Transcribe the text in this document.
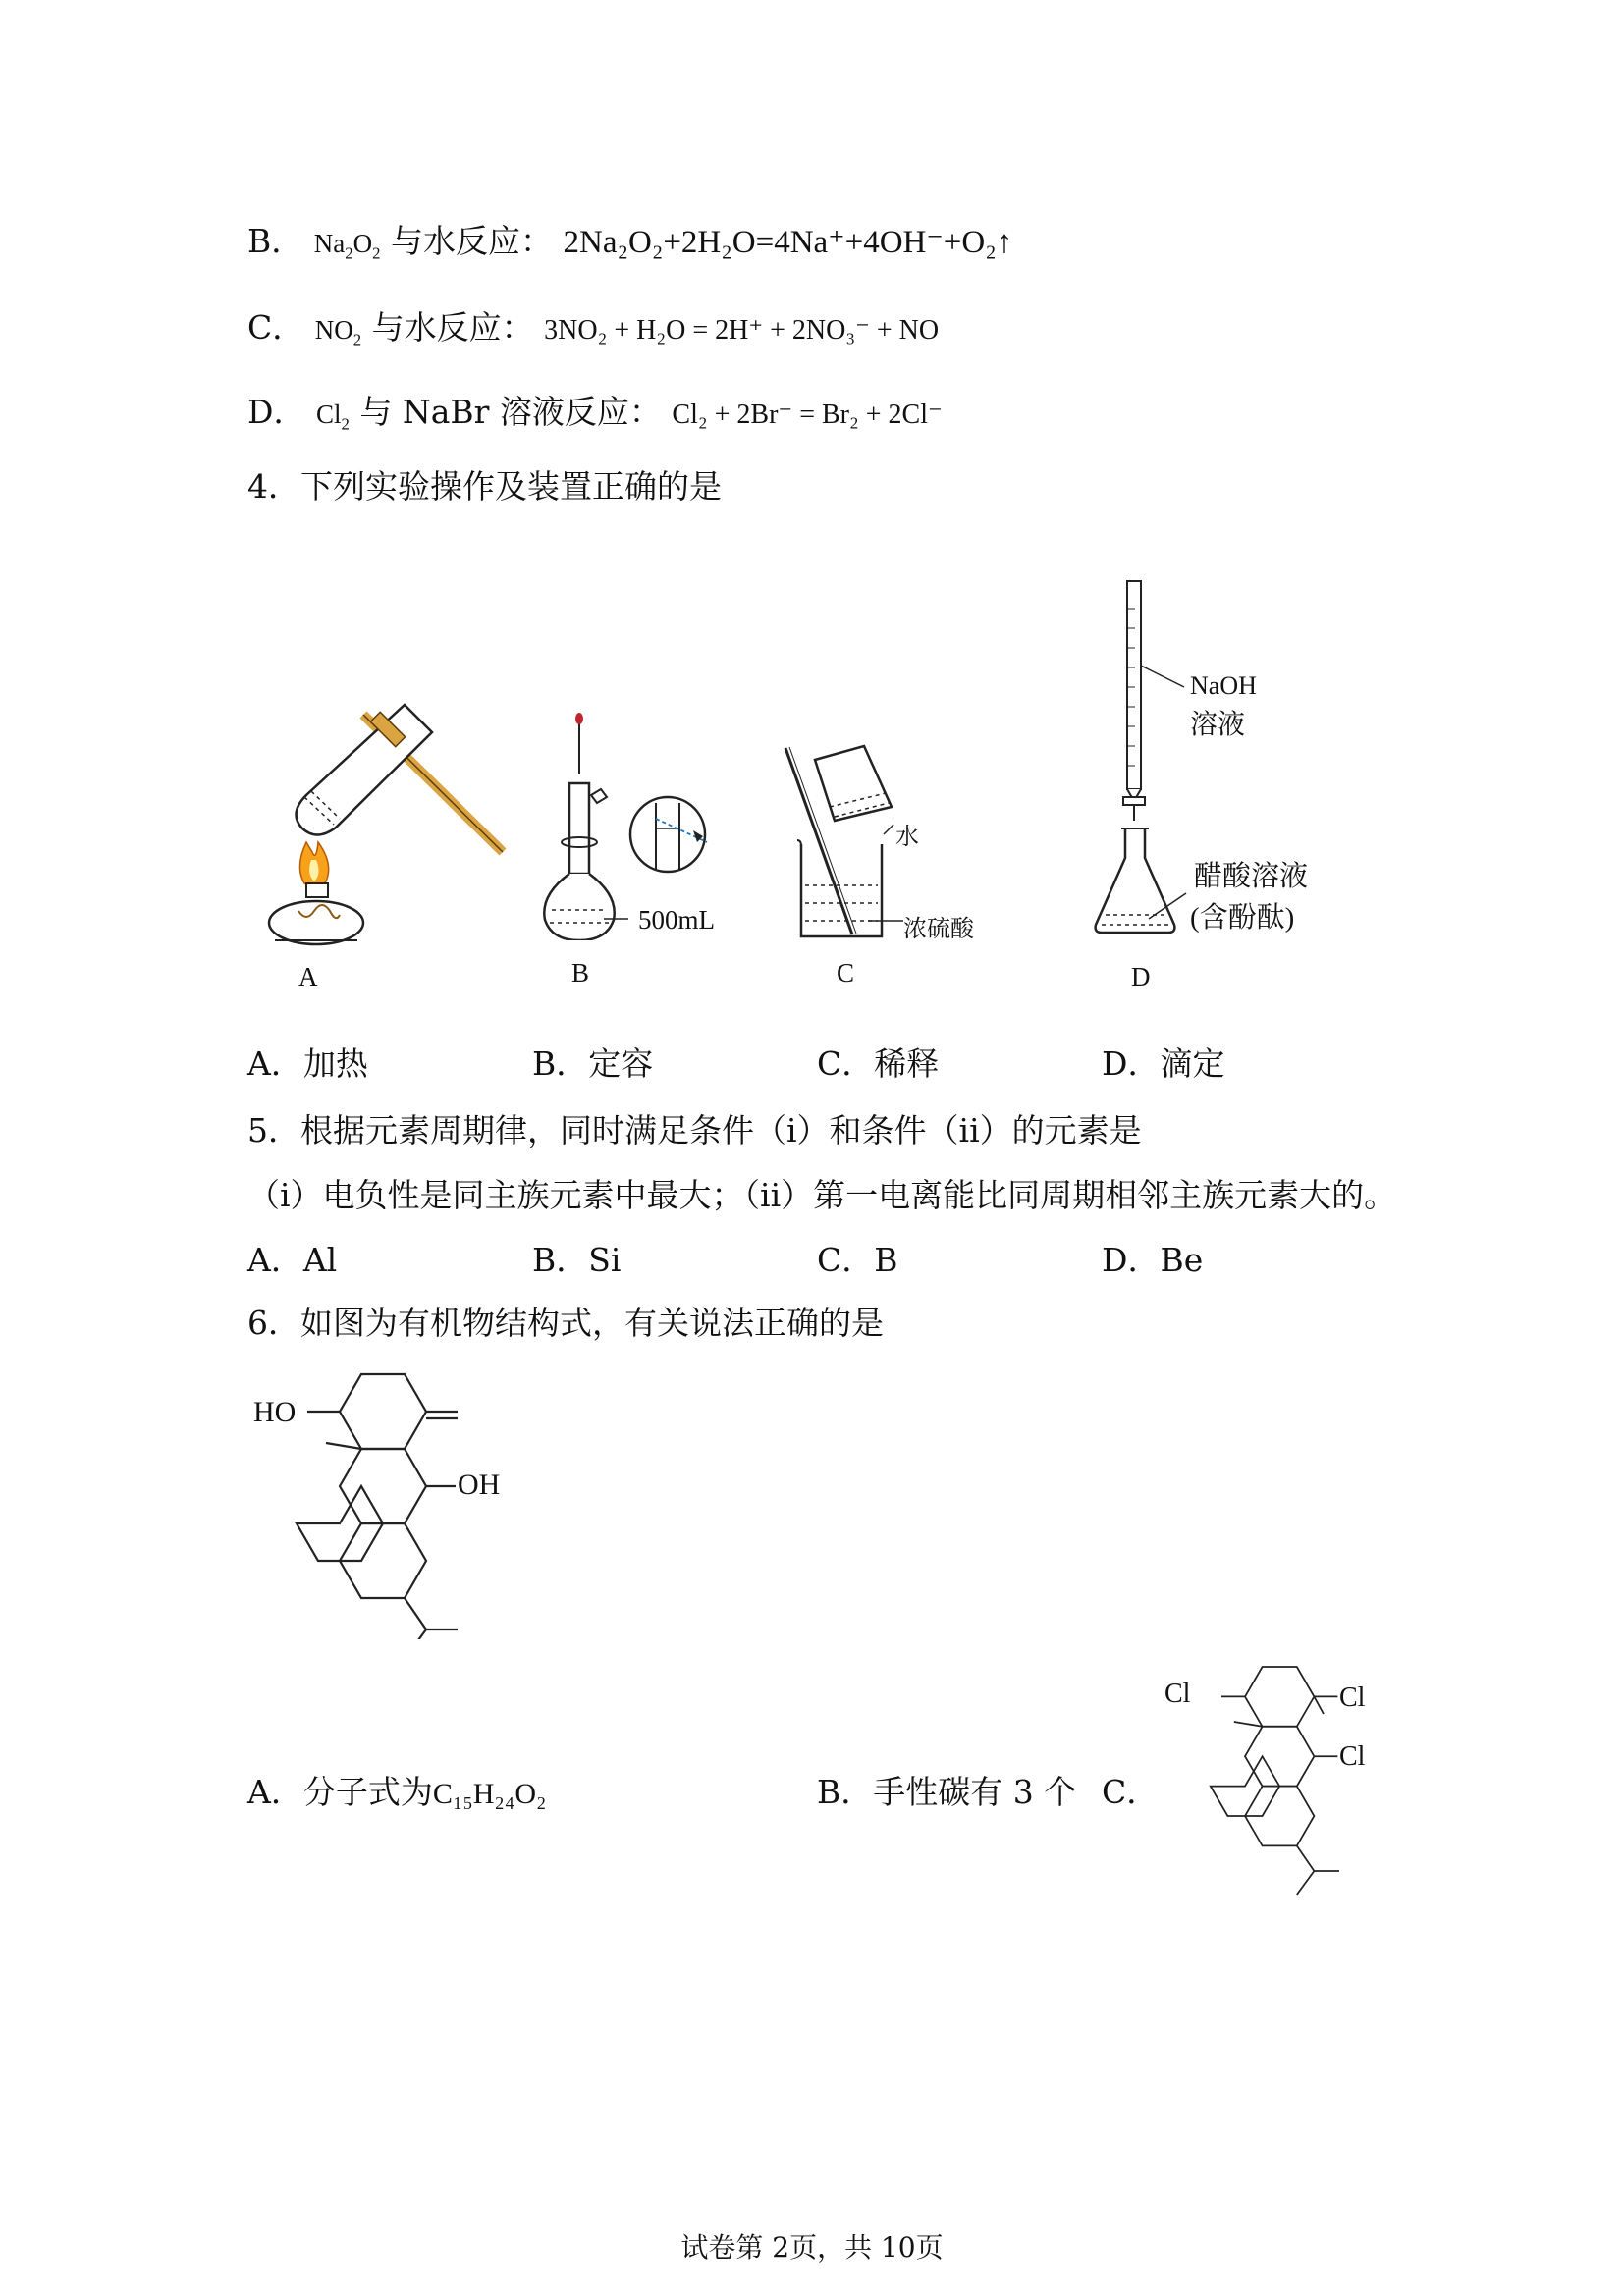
B． $Na_2O_2$ 与水反应： 2Na₂O₂+2H₂O=4Na⁺+4OH⁻+O₂↑
C． $NO_2$ 与水反应： 3NO₂ + H₂O = 2H⁺ + 2NO₃⁻ + NO
D． $Cl_2$ 与 NaBr 溶液反应： Cl₂ + 2Br⁻ = Br₂ + 2Cl⁻
4．下列实验操作及装置正确的是
A
500mL
B
水
浓硫酸
C
NaOH
溶液
醋酸溶液
(含酚酞)
D
A．加热	B．定容	C．稀释	D．滴定
5．根据元素周期律，同时满足条件（i）和条件（ii）的元素是
（i）电负性是同主族元素中最大；（ii）第一电离能比同周期相邻主族元素大的。
A．Al	B．Si	C．B	D．Be
6．如图为有机物结构式，有关说法正确的是
HO
OH
A．分子式为C₁₅H₂₄O₂	B．手性碳有 3 个 C．
Cl	Cl
Cl
试卷第 2页，共 10页
